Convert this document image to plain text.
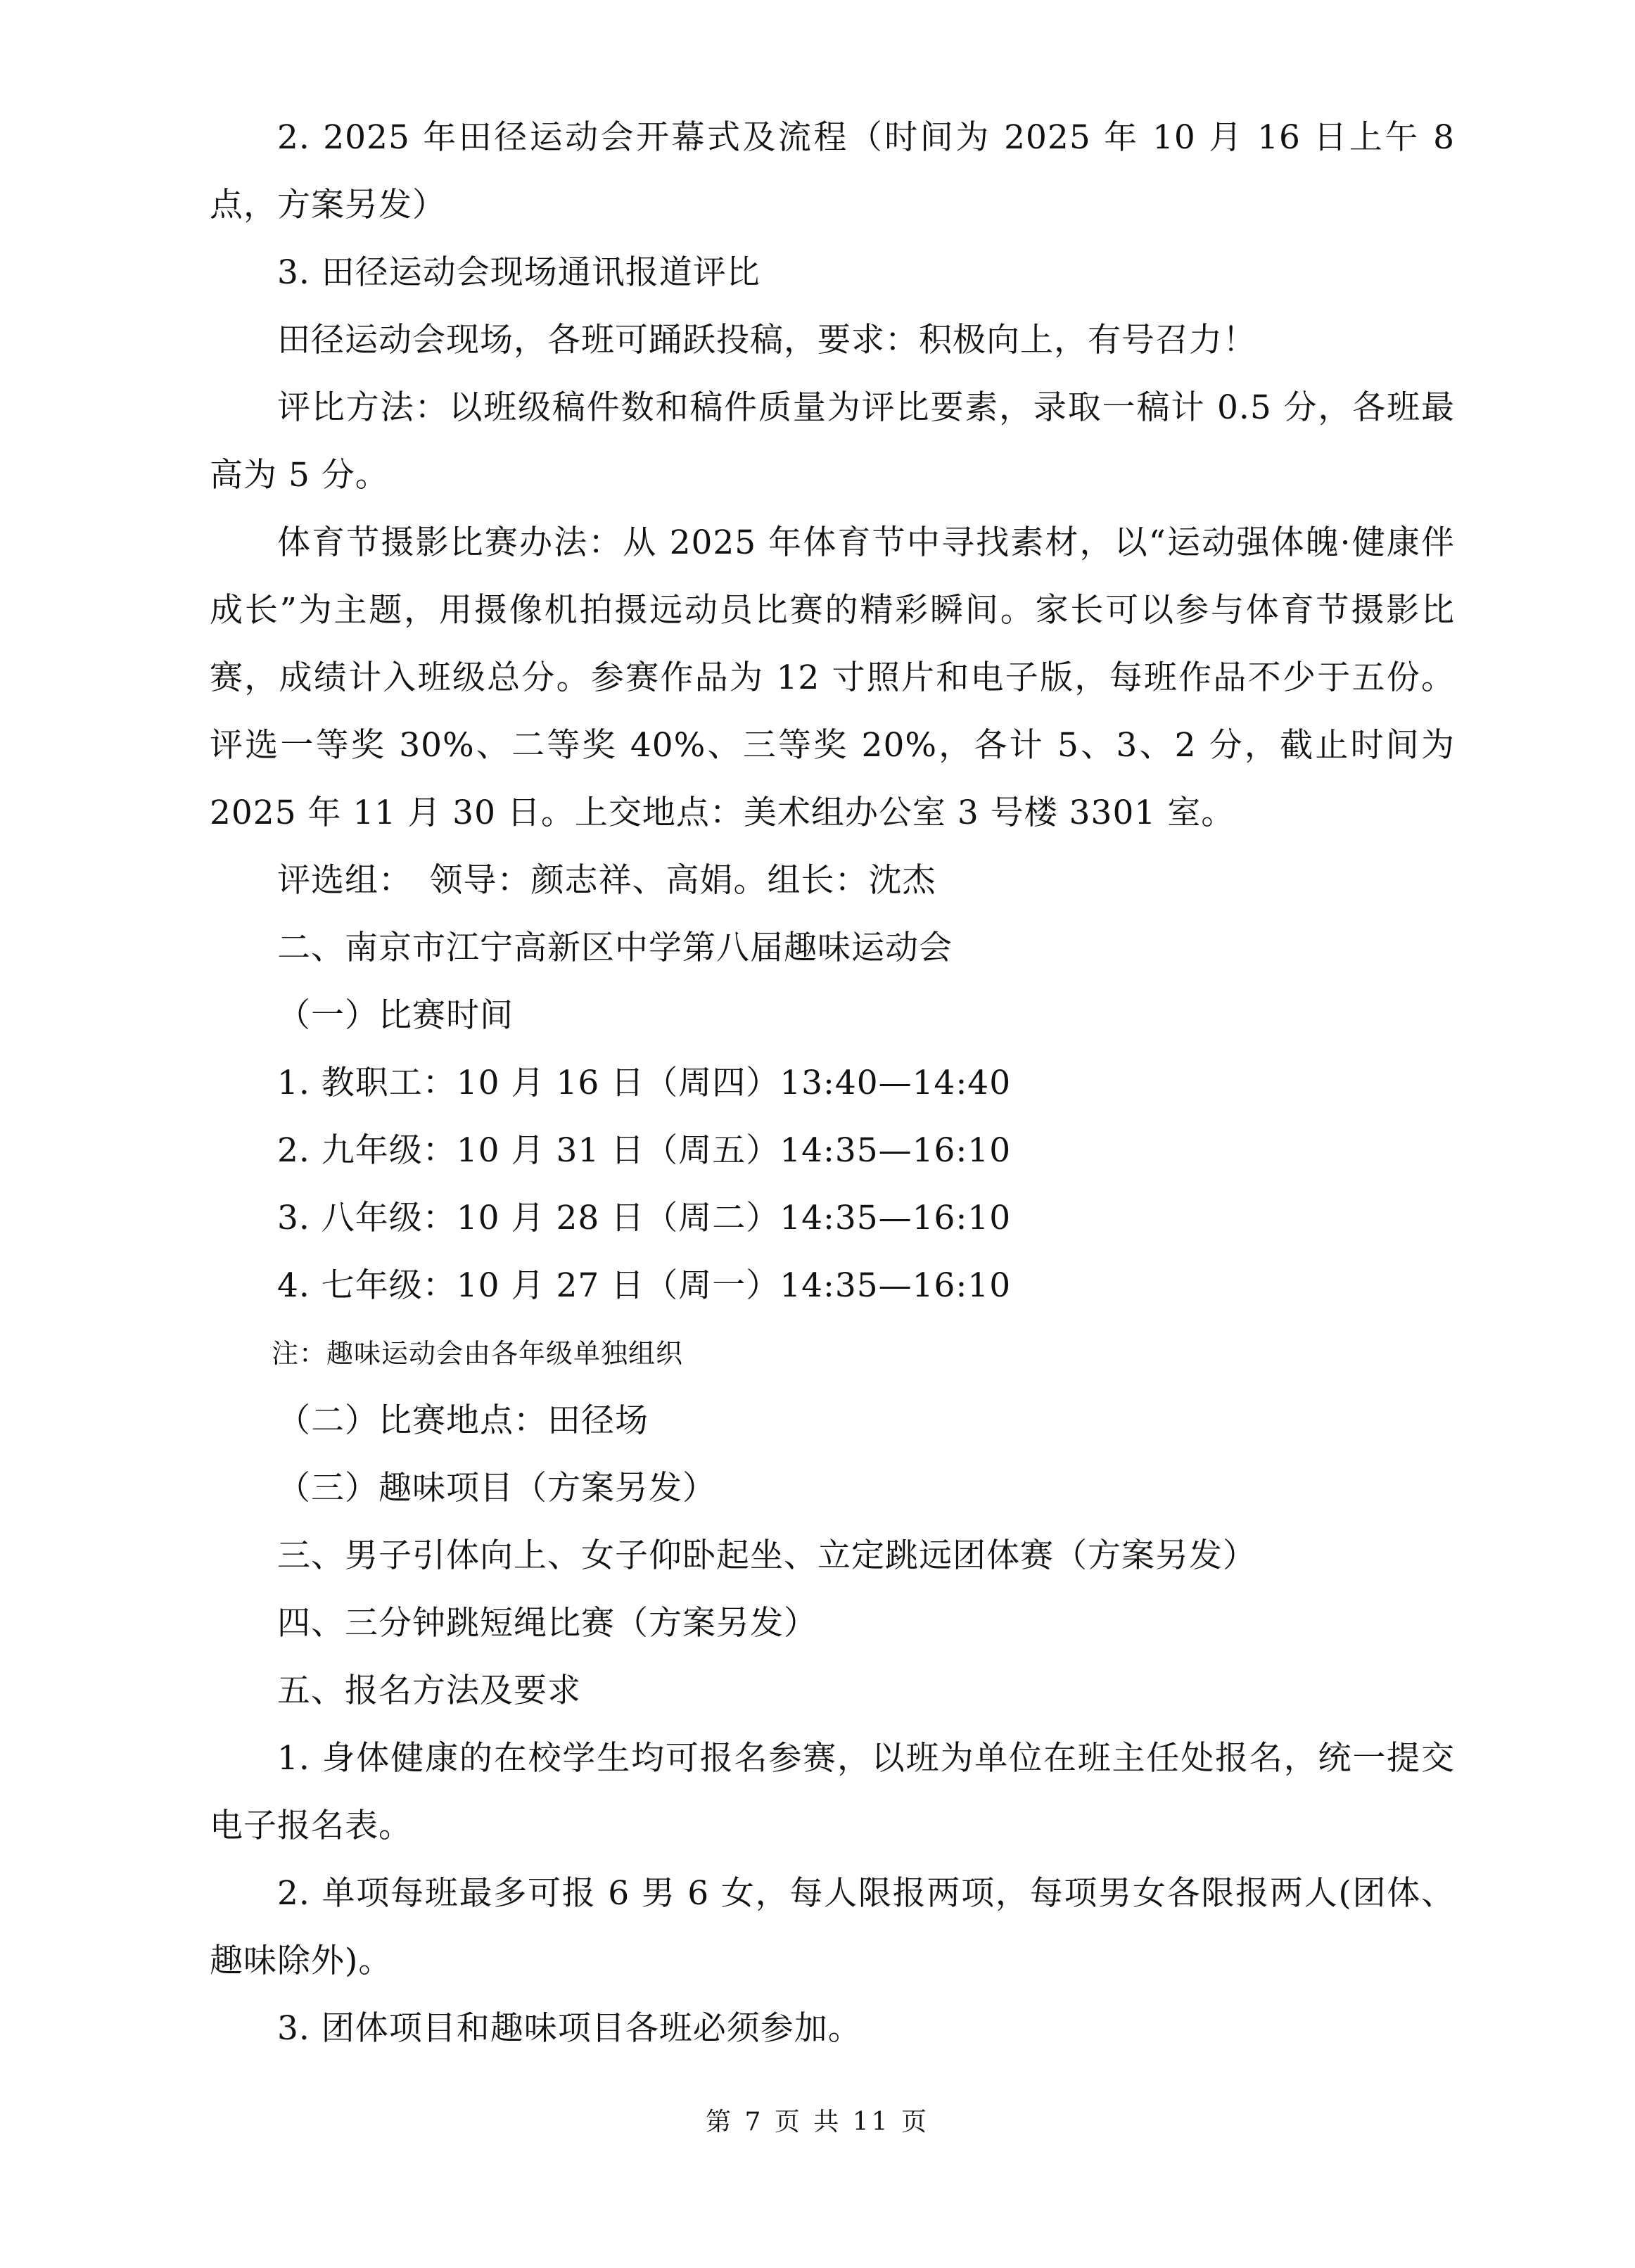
2. 2025 年田径运动会开幕式及流程（时间为 2025 年 10 月 16 日上午 8 点，方案另发）

3. 田径运动会现场通讯报道评比

田径运动会现场，各班可踊跃投稿，要求：积极向上，有号召力！

评比方法：以班级稿件数和稿件质量为评比要素，录取一稿计 0.5 分，各班最高为 5 分。

体育节摄影比赛办法：从 2025 年体育节中寻找素材，以“运动强体魄·健康伴成长”为主题，用摄像机拍摄远动员比赛的精彩瞬间。家长可以参与体育节摄影比赛，成绩计入班级总分。参赛作品为 12 寸照片和电子版，每班作品不少于五份。评选一等奖 30%、二等奖 40%、三等奖 20%，各计 5、3、2 分，截止时间为 2025 年 11 月 30 日。上交地点：美术组办公室 3 号楼 3301 室。

评选组：　领导：颜志祥、高娟。组长：沈杰

二、南京市江宁高新区中学第八届趣味运动会

（一）比赛时间

1. 教职工：10 月 16 日（周四）13:40—14:40

2. 九年级：10 月 31 日（周五）14:35—16:10

3. 八年级：10 月 28 日（周二）14:35—16:10

4. 七年级：10 月 27 日（周一）14:35—16:10

注：趣味运动会由各年级单独组织

（二）比赛地点：田径场

（三）趣味项目（方案另发）

三、男子引体向上、女子仰卧起坐、立定跳远团体赛（方案另发）

四、三分钟跳短绳比赛（方案另发）

五、报名方法及要求

1. 身体健康的在校学生均可报名参赛，以班为单位在班主任处报名，统一提交电子报名表。

2. 单项每班最多可报 6 男 6 女，每人限报两项，每项男女各限报两人(团体、趣味除外)。

3. 团体项目和趣味项目各班必须参加。

第 7 页 共 11 页
